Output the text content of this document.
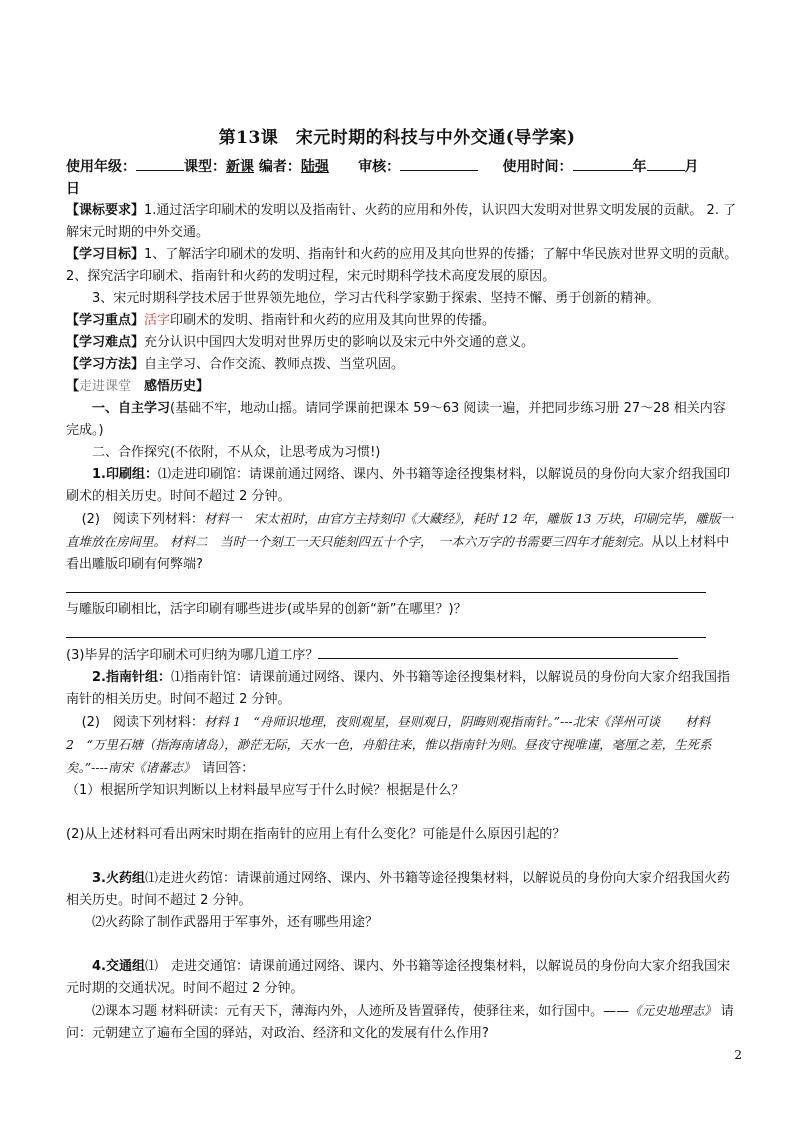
第13课　宋元时期的科技与中外交通(导学案)
使用年级：	课型：新课 编者：陆强 审核：	使用时间：	年	月
日

【课标要求】1.通过活字印刷术的发明以及指南针、火药的应用和外传，认识四大发明对世界文明发展的贡献。 2. 了解宋元时期的中外交通。

【学习目标】1、了解活字印刷术的发明、指南针和火药的应用及其向世界的传播；了解中华民族对世界文明的贡献。 2、探究活字印刷术、指南针和火药的发明过程，宋元时期科学技术高度发展的原因。

3、宋元时期科学技术居于世界领先地位，学习古代科学家勤于探索、坚持不懈、勇于创新的精神。

【学习重点】活字印刷术的发明、指南针和火药的应用及其向世界的传播。

【学习难点】充分认识中国四大发明对世界历史的影响以及宋元中外交通的意义。

【学习方法】自主学习、合作交流、教师点拨、当堂巩固。

【走进课堂　感悟历史】

一、自主学习(基础不牢，地动山摇。请同学课前把课本 59～63 阅读一遍，并把同步练习册 27～28 相关内容完成。)

二、合作探究(不依附，不从众，让思考成为习惯!)

1.印刷组：⑴走进印刷馆：请课前通过网络、课内、外书籍等途径搜集材料，以解说员的身份向大家介绍我国印刷术的相关历史。时间不超过 2 分钟。

(2)　阅读下列材料：材料一　宋太祖时，由官方主持刻印《大藏经》，耗时 12 年，雕版 13 万块，印刷完毕，雕版一直堆放在房间里。 材料二　当时一个刻工一天只能刻四五十个字，　一本六万字的书需要三四年才能刻完。从以上材料中看出雕版印刷有何弊端?

与雕版印刷相比，活字印刷有哪些进步(或毕昇的创新“新”在哪里？)？

(3)毕昇的活字印刷术可归纳为哪几道工序？

2.指南针组：⑴指南针馆：请课前通过网络、课内、外书籍等途径搜集材料，以解说员的身份向大家介绍我国指南针的相关历史。时间不超过 2 分钟。

(2)　阅读下列材料：材料 1　“舟师识地理，夜则观星，昼则观日，阴晦则观指南针。”---北宋《萍州可谈　　材料 2　“万里石塘（指海南诸岛），渺茫无际，天水一色，舟船往来，惟以指南针为则。昼夜守视唯谨，毫厘之差，生死系矣。”----南宋《诸蕃志》　请回答：

（1）根据所学知识判断以上材料最早应写于什么时候？根据是什么？

(2)从上述材料可看出两宋时期在指南针的应用上有什么变化？可能是什么原因引起的？

3.火药组⑴走进火药馆：请课前通过网络、课内、外书籍等途径搜集材料，以解说员的身份向大家介绍我国火药相关历史。时间不超过 2 分钟。

⑵火药除了制作武器用于军事外，还有哪些用途？

4.交通组⑴　走进交通馆：请课前通过网络、课内、外书籍等途径搜集材料，以解说员的身份向大家介绍我国宋元时期的交通状况。时间不超过 2 分钟。

⑵课本习题 材料研读：元有天下，薄海内外，人迹所及皆置驿传，使驿往来，如行国中。——《元史地理志》 请问：元朝建立了遍布全国的驿站，对政治、经济和文化的发展有什么作用?

2
